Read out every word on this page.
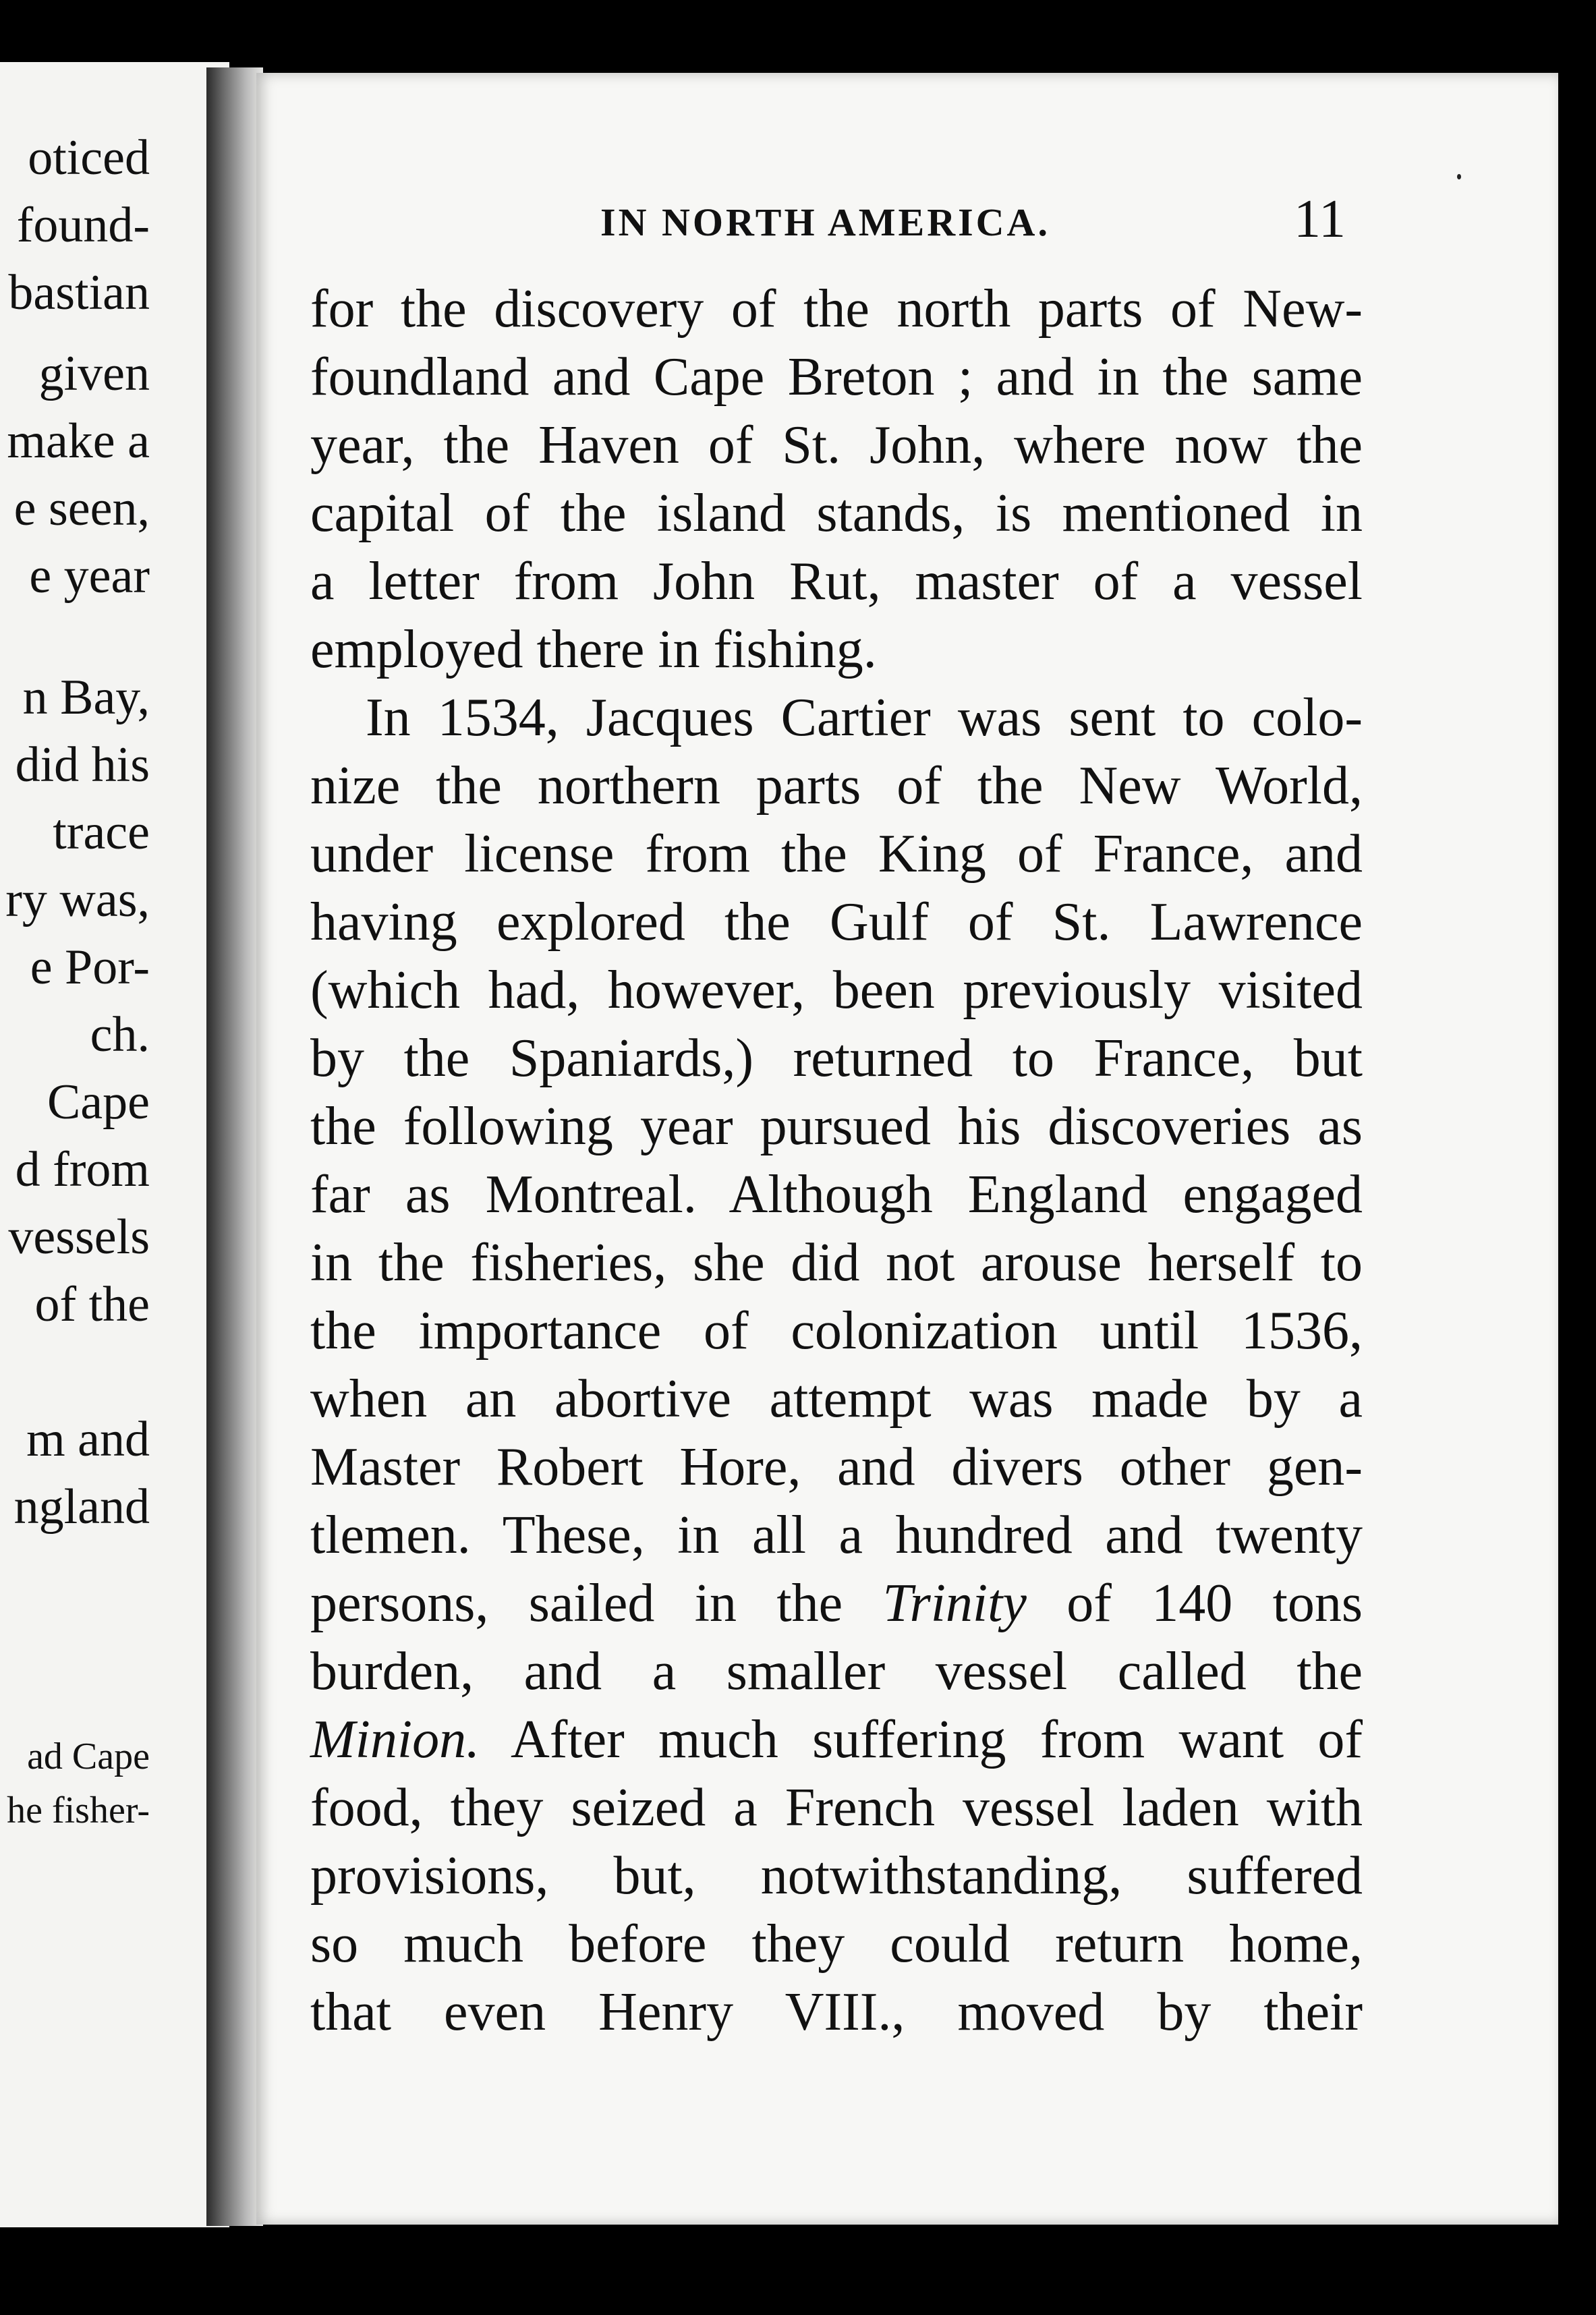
oticed
found-
bastian
given
make a
e seen,
e year
n Bay,
did his
trace
ry was,
e Por-
ch.
Cape
d from
vessels
of the
m and
ngland
ad Cape
he fisher-
IN NORTH AMERICA.	11
for the discovery of the north parts of New-
foundland and Cape Breton ; and in the same
year, the Haven of St. John, where now the
capital of the island stands, is mentioned in
a letter from John Rut, master of a vessel
employed there in fishing.
In 1534, Jacques Cartier was sent to colo-
nize the northern parts of the New World,
under license from the King of France, and
having explored the Gulf of St. Lawrence
(which had, however, been previously visited
by the Spaniards,) returned to France, but
the following year pursued his discoveries as
far as Montreal. Although England engaged
in the fisheries, she did not arouse herself to
the importance of colonization until 1536,
when an abortive attempt was made by a
Master Robert Hore, and divers other gen-
tlemen. These, in all a hundred and twenty
persons, sailed in the Trinity of 140 tons
burden, and a smaller vessel called the
Minion. After much suffering from want of
food, they seized a French vessel laden with
provisions, but, notwithstanding, suffered
so much before they could return home,
that even Henry VIII., moved by their
